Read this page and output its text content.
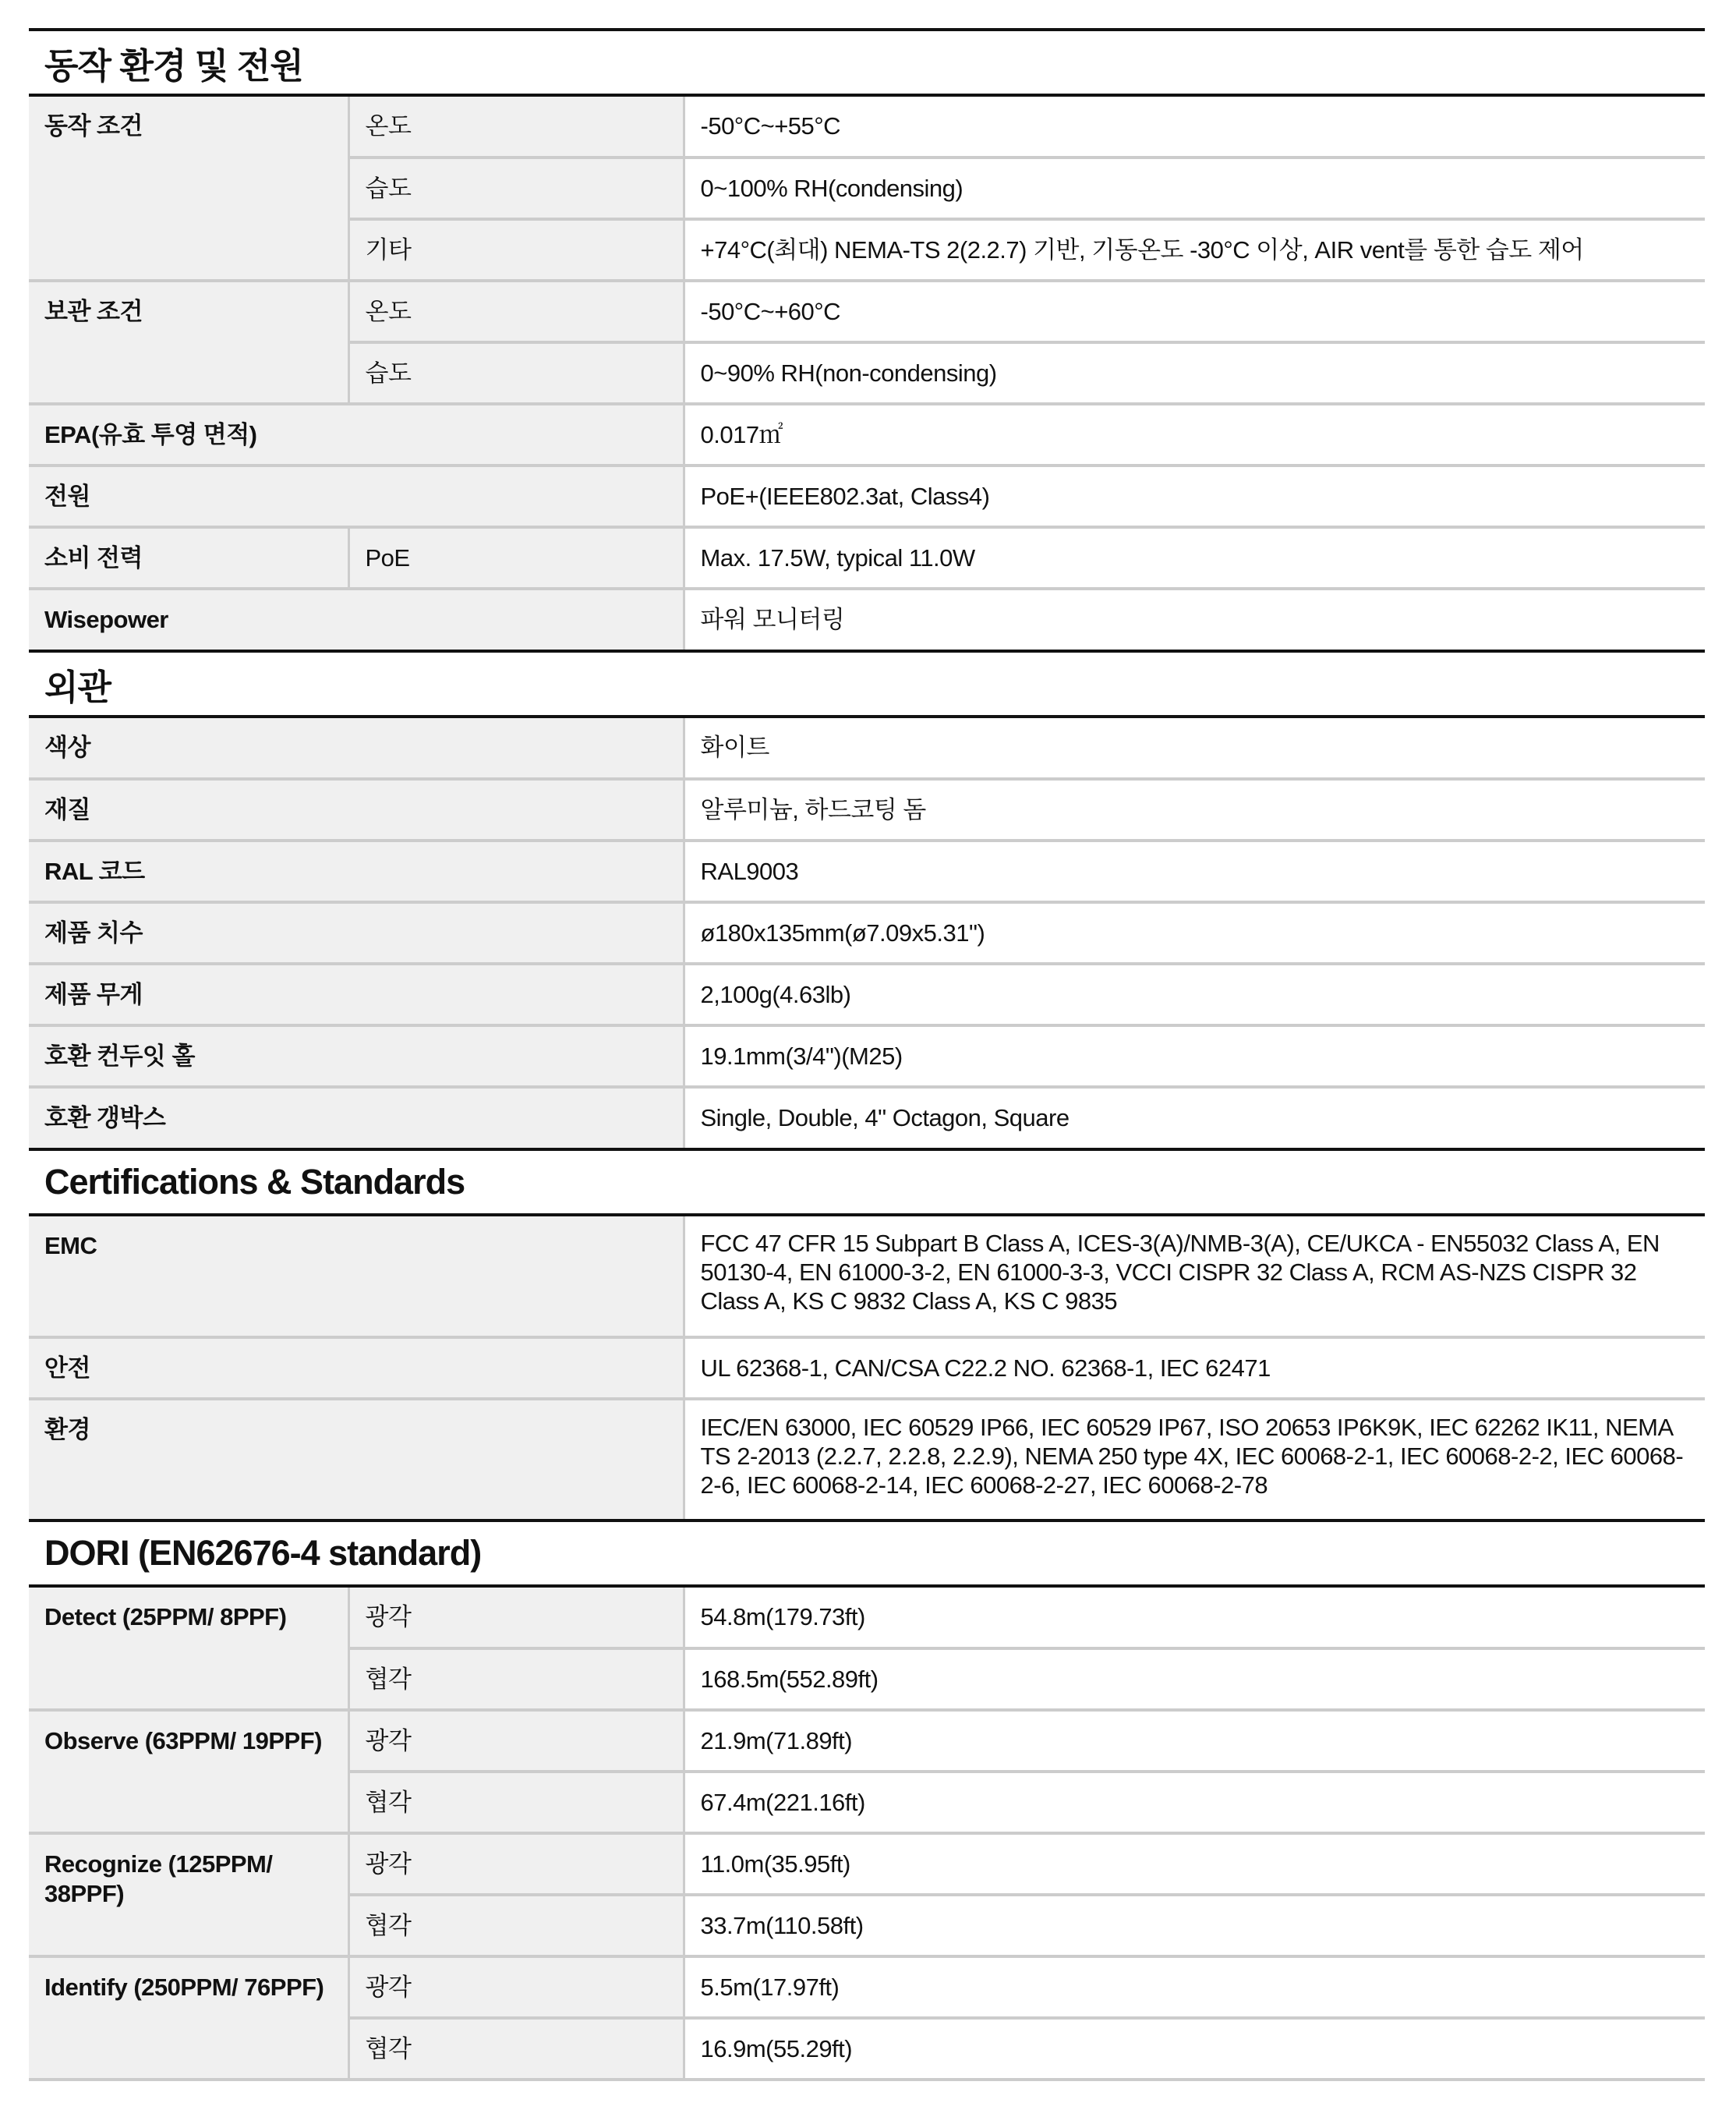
동작 환경 및 전원
동작 조건	온도	-50°C~+55°C
	습도	0~100% RH(condensing)
	기타	+74°C(최대) NEMA-TS 2(2.2.7) 기반, 기동온도 -30°C 이상, AIR vent를 통한 습도 제어
보관 조건	온도	-50°C~+60°C
	습도	0~90% RH(non-condensing)
EPA(유효 투영 면적)		0.017㎡
전원		PoE+(IEEE802.3at, Class4)
소비 전력	PoE	Max. 17.5W, typical 11.0W
Wisepower		파워 모니터링
외관
색상	화이트
재질	알루미늄, 하드코팅 돔
RAL 코드	RAL9003
제품 치수	ø180x135mm(ø7.09x5.31")
제품 무게	2,100g(4.63lb)
호환 컨두잇 홀	19.1mm(3/4")(M25)
호환 갱박스	Single, Double, 4" Octagon, Square
Certifications & Standards
EMC	FCC 47 CFR 15 Subpart B Class A, ICES-3(A)/NMB-3(A), CE/UKCA - EN55032 Class A, EN 50130-4, EN 61000-3-2, EN 61000-3-3, VCCI CISPR 32 Class A, RCM AS-NZS CISPR 32 Class A, KS C 9832 Class A, KS C 9835
안전	UL 62368-1, CAN/CSA C22.2 NO. 62368-1, IEC 62471
환경	IEC/EN 63000, IEC 60529 IP66, IEC 60529 IP67, ISO 20653 IP6K9K, IEC 62262 IK11, NEMA TS 2-2013 (2.2.7, 2.2.8, 2.2.9), NEMA 250 type 4X, IEC 60068-2-1, IEC 60068-2-2, IEC 60068-2-6, IEC 60068-2-14, IEC 60068-2-27, IEC 60068-2-78
DORI (EN62676-4 standard)
Detect (25PPM/ 8PPF)	광각	54.8m(179.73ft)
	협각	168.5m(552.89ft)
Observe (63PPM/ 19PPF)	광각	21.9m(71.89ft)
	협각	67.4m(221.16ft)
Recognize (125PPM/ 38PPF)	광각	11.0m(35.95ft)
	협각	33.7m(110.58ft)
Identify (250PPM/ 76PPF)	광각	5.5m(17.97ft)
	협각	16.9m(55.29ft)
